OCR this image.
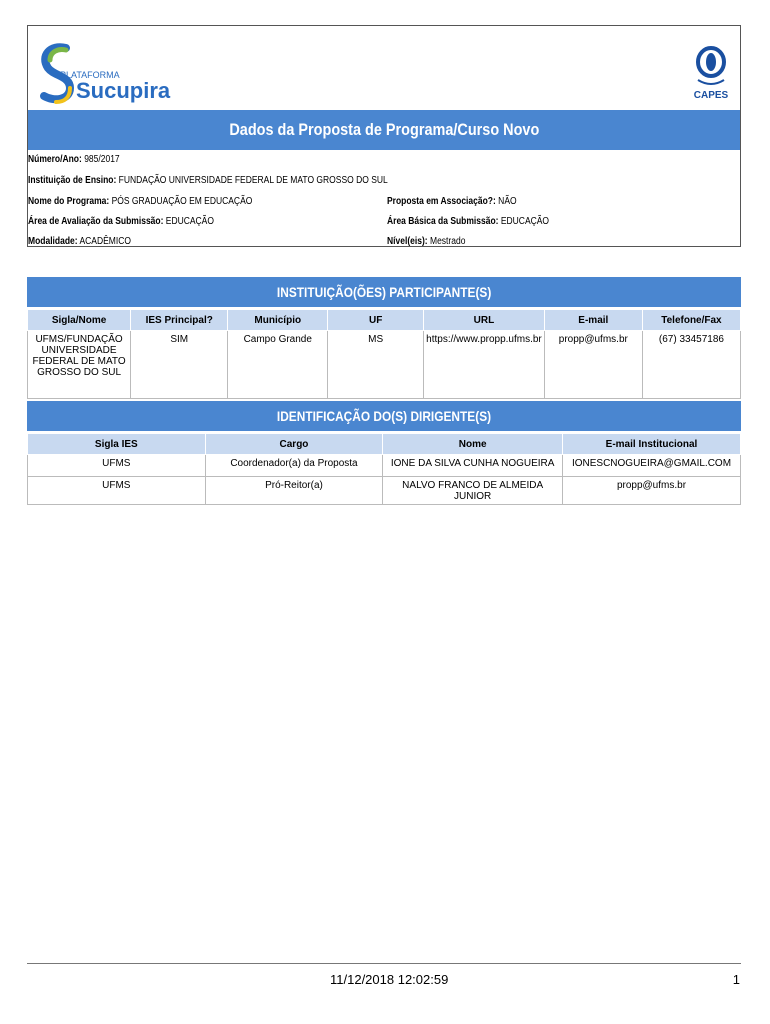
PLATAFORMA
Sucupira	CAPES
Dados da Proposta de Programa/Curso Novo
Número/Ano: 985/2017
Instituição de Ensino: FUNDAÇÃO UNIVERSIDADE FEDERAL DE MATO GROSSO DO SUL
Nome do Programa: PÓS GRADUAÇÃO EM EDUCAÇÃO	Proposta em Associação?: NÃO
Área de Avaliação da Submissão: EDUCAÇÃO	Área Básica da Submissão: EDUCAÇÃO
Modalidade: ACADÊMICO	Nível(eis): Mestrado
INSTITUIÇÃO(ÕES) PARTICIPANTE(S)
Sigla/Nome	IES Principal?	Município	UF	URL	E-mail	Telefone/Fax
UFMS/FUNDAÇÃO UNIVERSIDADE FEDERAL DE MATO GROSSO DO SUL	SIM	Campo Grande	MS	https://www.propp.ufms.br	propp@ufms.br	(67) 33457186
IDENTIFICAÇÃO DO(S) DIRIGENTE(S)
Sigla IES	Cargo	Nome	E-mail Institucional
UFMS	Coordenador(a) da Proposta	IONE DA SILVA CUNHA NOGUEIRA	IONESCNOGUEIRA@GMAIL.COM
UFMS	Pró-Reitor(a)	NALVO FRANCO DE ALMEIDA JUNIOR	propp@ufms.br
11/12/2018 12:02:59	1
